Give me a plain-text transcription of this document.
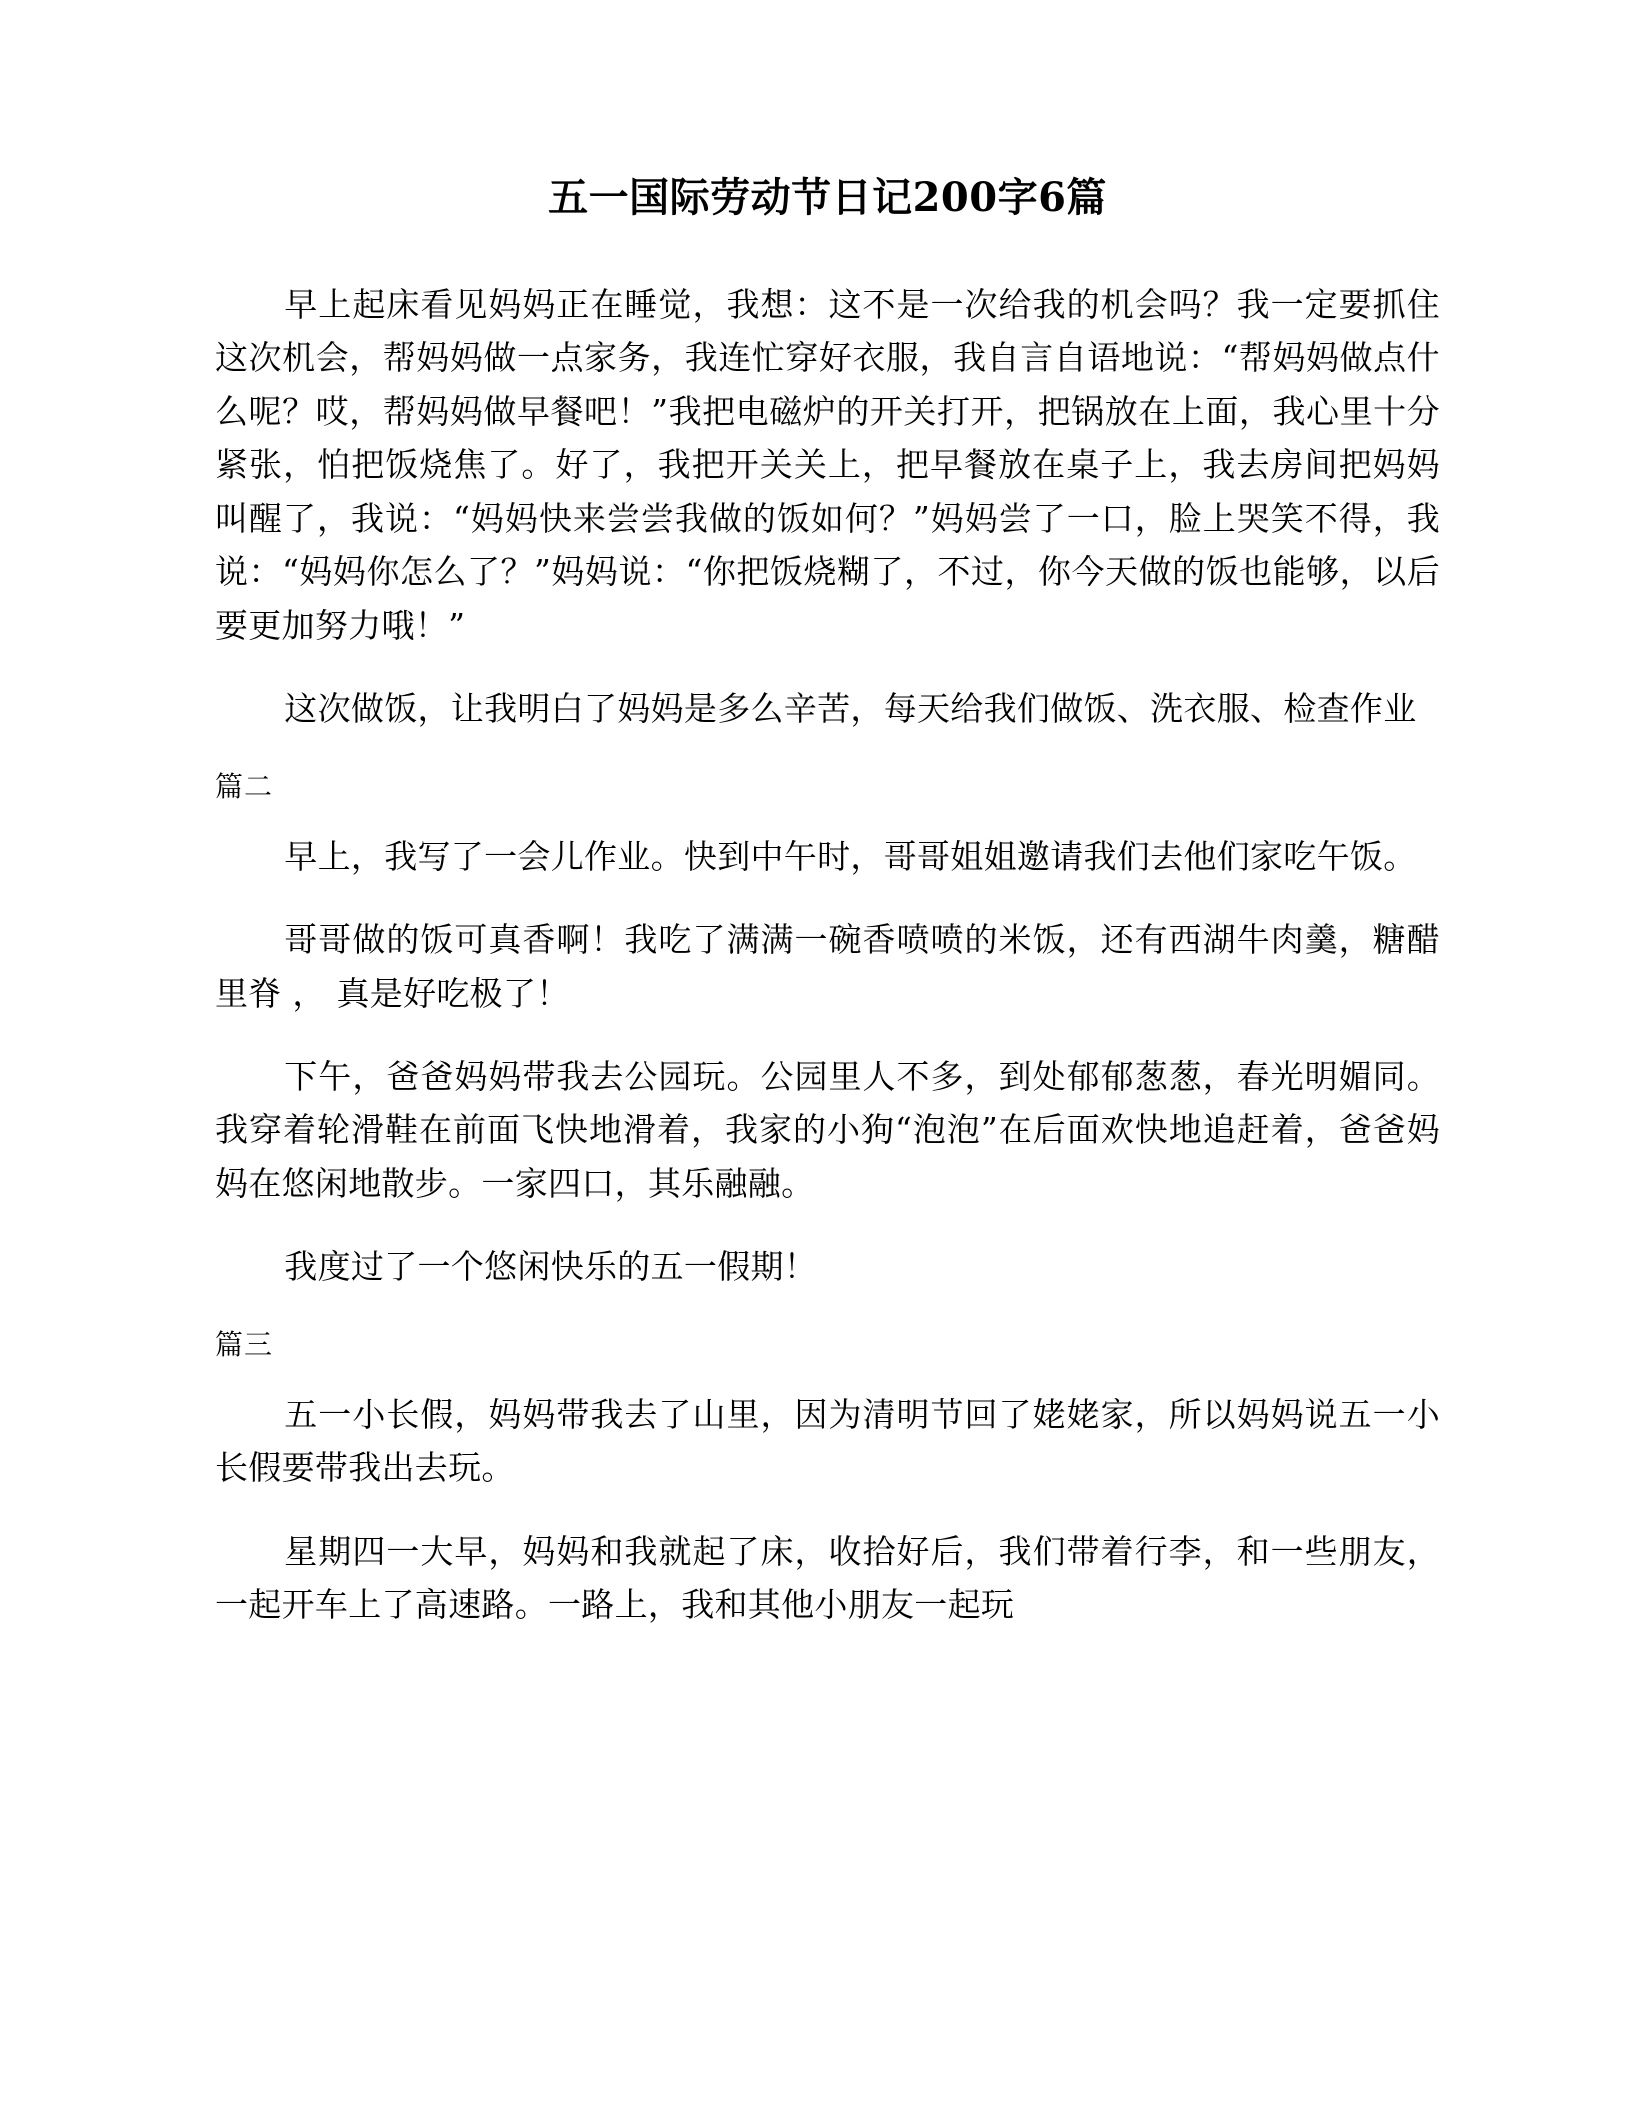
五一国际劳动节日记200字6篇

早上起床看见妈妈正在睡觉，我想：这不是一次给我的机会吗？我一定要抓住这次机会，帮妈妈做一点家务，我连忙穿好衣服，我自言自语地说：“帮妈妈做点什么呢？哎，帮妈妈做早餐吧！”我把电磁炉的开关打开，把锅放在上面，我心里十分紧张，怕把饭烧焦了。好了，我把开关关上，把早餐放在桌子上，我去房间把妈妈叫醒了，我说：“妈妈快来尝尝我做的饭如何？”妈妈尝了一口，脸上哭笑不得，我说：“妈妈你怎么了？”妈妈说：“你把饭烧糊了，不过，你今天做的饭也能够，以后要更加努力哦！”

这次做饭，让我明白了妈妈是多么辛苦，每天给我们做饭、洗衣服、检查作业

篇二

早上，我写了一会儿作业。快到中午时，哥哥姐姐邀请我们去他们家吃午饭。

哥哥做的饭可真香啊！我吃了满满一碗香喷喷的米饭，还有西湖牛肉羹，糖醋里脊 ， 真是好吃极了！

下午，爸爸妈妈带我去公园玩。公园里人不多，到处郁郁葱葱，春光明媚同。我穿着轮滑鞋在前面飞快地滑着，我家的小狗“泡泡”在后面欢快地追赶着，爸爸妈妈在悠闲地散步。一家四口，其乐融融。

我度过了一个悠闲快乐的五一假期！

篇三

五一小长假，妈妈带我去了山里，因为清明节回了姥姥家，所以妈妈说五一小长假要带我出去玩。

星期四一大早，妈妈和我就起了床，收拾好后，我们带着行李，和一些朋友，一起开车上了高速路。一路上，我和其他小朋友一起玩
